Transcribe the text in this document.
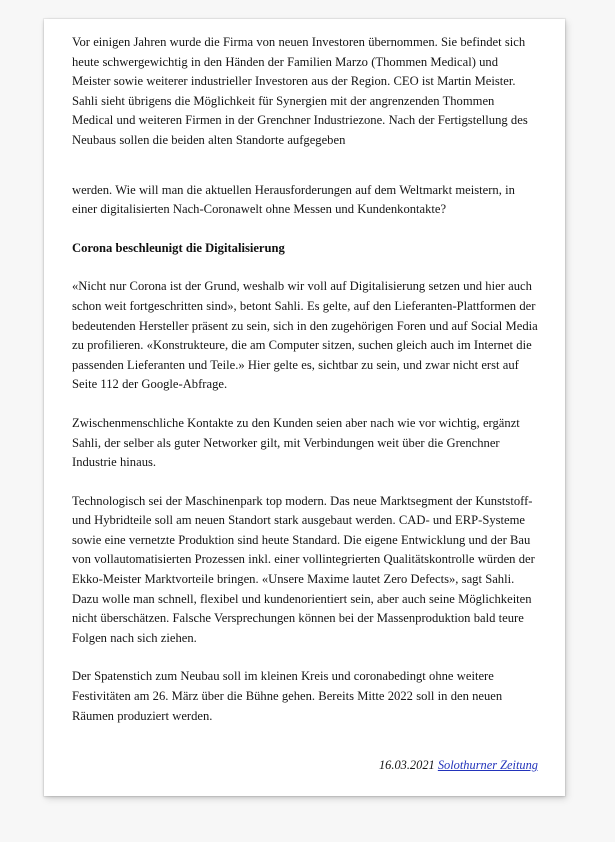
Vor einigen Jahren wurde die Firma von neuen Investoren übernommen. Sie befindet sich heute schwergewichtig in den Händen der Familien Marzo (Thommen Medical) und Meister sowie weiterer industrieller Investoren aus der Region. CEO ist Martin Meister. Sahli sieht übrigens die Möglichkeit für Synergien mit der angrenzenden Thommen Medical und weiteren Firmen in der Grenchner Industriezone. Nach der Fertigstellung des Neubaus sollen die beiden alten Standorte aufgegeben

werden. Wie will man die aktuellen Herausforderungen auf dem Weltmarkt meistern, in einer digitalisierten Nach-Coronawelt ohne Messen und Kundenkontakte?

Corona beschleunigt die Digitalisierung

«Nicht nur Corona ist der Grund, weshalb wir voll auf Digitalisierung setzen und hier auch schon weit fortgeschritten sind», betont Sahli. Es gelte, auf den Lieferanten-Plattformen der bedeutenden Hersteller präsent zu sein, sich in den zugehörigen Foren und auf Social Media zu profilieren. «Konstrukteure, die am Computer sitzen, suchen gleich auch im Internet die passenden Lieferanten und Teile.» Hier gelte es, sichtbar zu sein, und zwar nicht erst auf Seite 112 der Google-Abfrage.

Zwischenmenschliche Kontakte zu den Kunden seien aber nach wie vor wichtig, ergänzt Sahli, der selber als guter Networker gilt, mit Verbindungen weit über die Grenchner Industrie hinaus.

Technologisch sei der Maschinenpark top modern. Das neue Marktsegment der Kunststoff- und Hybridteile soll am neuen Standort stark ausgebaut werden. CAD- und ERP-Systeme sowie eine vernetzte Produktion sind heute Standard. Die eigene Entwicklung und der Bau von vollautomatisierten Prozessen inkl. einer vollintegrierten Qualitätskontrolle würden der Ekko-Meister Marktvorteile bringen. «Unsere Maxime lautet Zero Defects», sagt Sahli. Dazu wolle man schnell, flexibel und kundenorientiert sein, aber auch seine Möglichkeiten nicht überschätzen. Falsche Versprechungen können bei der Massenproduktion bald teure Folgen nach sich ziehen.

Der Spatenstich zum Neubau soll im kleinen Kreis und coronabedingt ohne weitere Festivitäten am 26. März über die Bühne gehen. Bereits Mitte 2022 soll in den neuen Räumen produziert werden.

16.03.2021 Solothurner Zeitung
